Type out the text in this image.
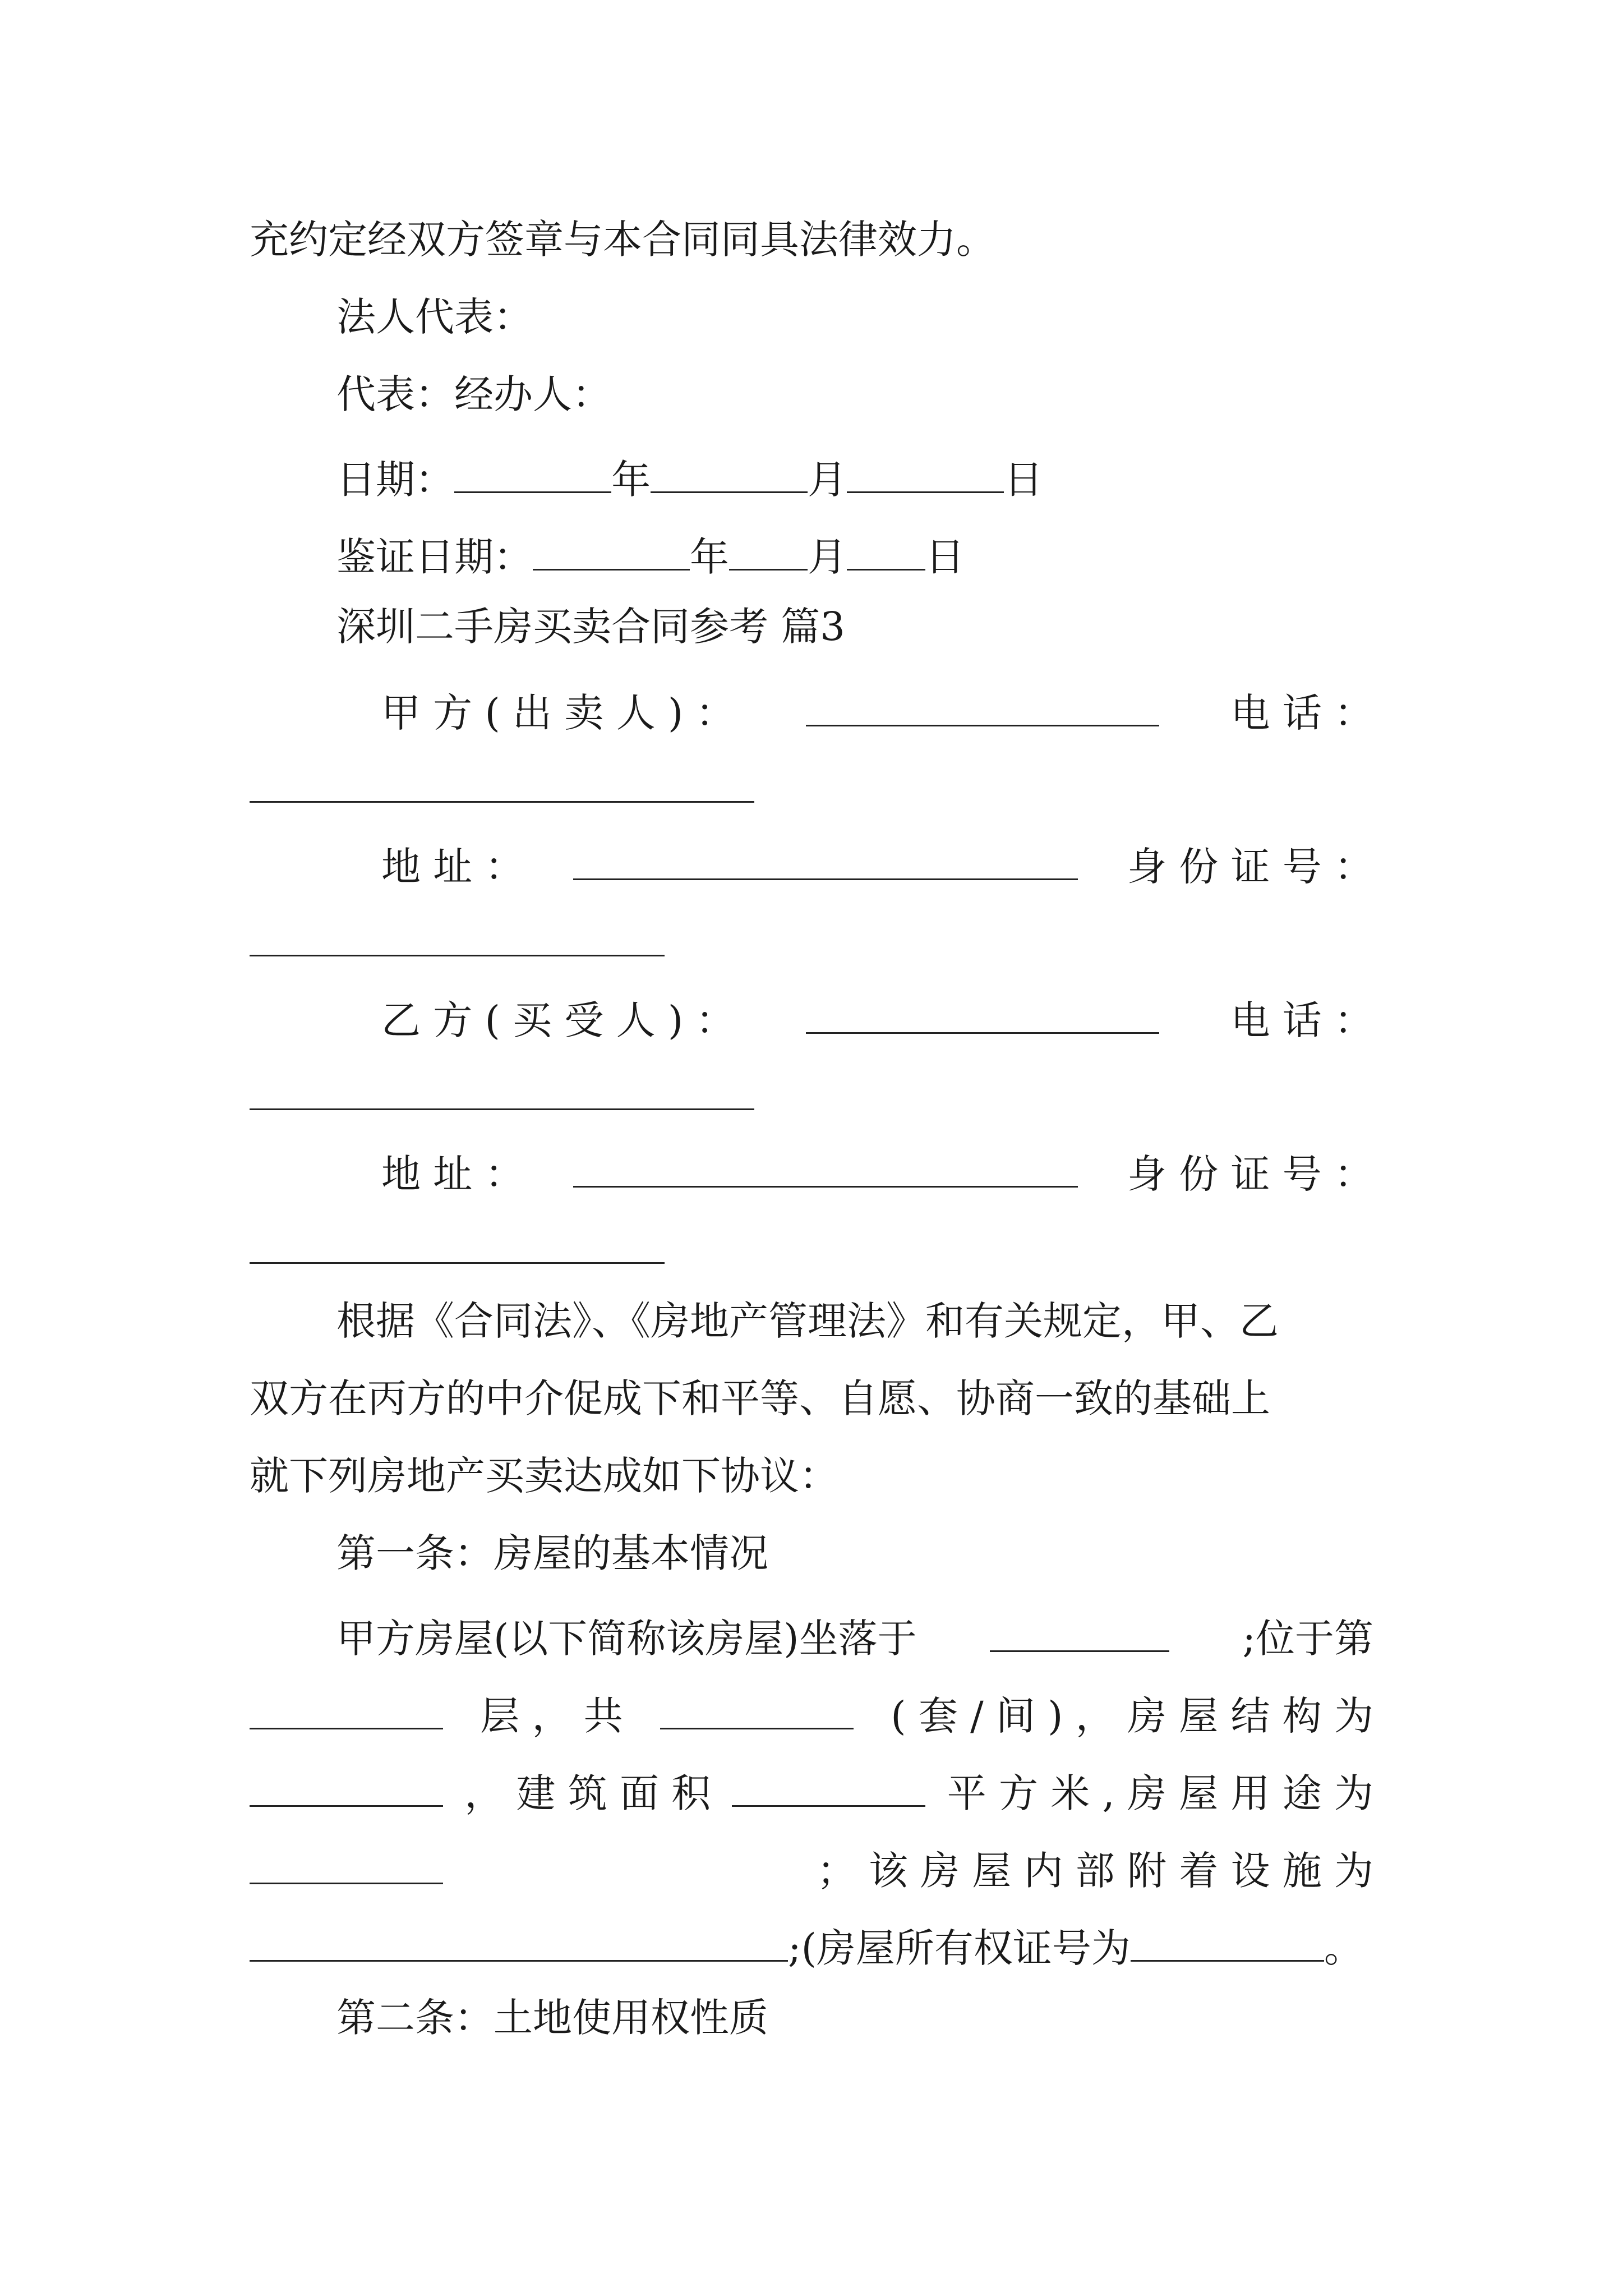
充约定经双方签章与本合同同具法律效力。
法人代表：
代表：经办人：
日期：	年	月	日
鉴证日期：	年 月 日
深圳二手房买卖合同参考 篇3
甲 方 ( 出 卖 人 ) ：	电 话 ：
地 址 ：	身 份 证 号 ：
乙 方 ( 买 受 人 ) ：	电 话 ：
地 址 ：	身 份 证 号 ：
根据《合同法》、《房地产管理法》和有关规定，甲、乙
双方在丙方的中介促成下和平等、自愿、协商一致的基础上
就下列房地产买卖达成如下协议：
第一条：房屋的基本情况
甲方房屋(以下简称该房屋)坐落于	;位于第
层 ， 共	( 套 / 间 ) ， 房 屋 结 构 为
， 建 筑 面 积	平 方 米 , 房 屋 用 途 为
； 该 房 屋 内 部 附 着 设 施 为
;(房屋所有权证号为	。
第二条：土地使用权性质
